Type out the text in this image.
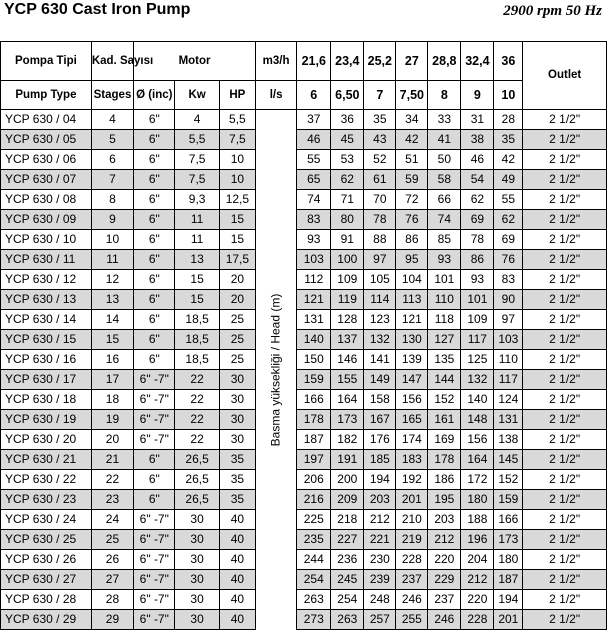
YCP 630 Cast Iron Pump	2900 rpm 50 Hz
Pompa Tipi	Kad. Sayısı	Motor			m3/h	21,6	23,4	25,2	27	28,8	32,4	36	Outlet
Pump Type	Stages	Ø (inc)	Kw	HP	l/s	6	6,50	7	7,50	8	9	10	
YCP 630 / 04	4	6"	4	5,5	Basma yüksekliği / Head (m)	37	36	35	34	33	31	28	2 1/2"
YCP 630 / 05	5	6"	5,5	7,5		46	45	43	42	41	38	35	2 1/2"
YCP 630 / 06	6	6"	7,5	10		55	53	52	51	50	46	42	2 1/2"
YCP 630 / 07	7	6"	7,5	10		65	62	61	59	58	54	49	2 1/2"
YCP 630 / 08	8	6"	9,3	12,5		74	71	70	72	66	62	55	2 1/2"
YCP 630 / 09	9	6"	11	15		83	80	78	76	74	69	62	2 1/2"
YCP 630 / 10	10	6"	11	15		93	91	88	86	85	78	69	2 1/2"
YCP 630 / 11	11	6"	13	17,5		103	100	97	95	93	86	76	2 1/2"
YCP 630 / 12	12	6"	15	20		112	109	105	104	101	93	83	2 1/2"
YCP 630 / 13	13	6"	15	20		121	119	114	113	110	101	90	2 1/2"
YCP 630 / 14	14	6"	18,5	25		131	128	123	121	118	109	97	2 1/2"
YCP 630 / 15	15	6"	18,5	25		140	137	132	130	127	117	103	2 1/2"
YCP 630 / 16	16	6"	18,5	25		150	146	141	139	135	125	110	2 1/2"
YCP 630 / 17	17	6" -7"	22	30		159	155	149	147	144	132	117	2 1/2"
YCP 630 / 18	18	6" -7"	22	30		166	164	158	156	152	140	124	2 1/2"
YCP 630 / 19	19	6" -7"	22	30		178	173	167	165	161	148	131	2 1/2"
YCP 630 / 20	20	6" -7"	22	30		187	182	176	174	169	156	138	2 1/2"
YCP 630 / 21	21	6"	26,5	35		197	191	185	183	178	164	145	2 1/2"
YCP 630 / 22	22	6"	26,5	35		206	200	194	192	186	172	152	2 1/2"
YCP 630 / 23	23	6"	26,5	35		216	209	203	201	195	180	159	2 1/2"
YCP 630 / 24	24	6" -7"	30	40		225	218	212	210	203	188	166	2 1/2"
YCP 630 / 25	25	6" -7"	30	40		235	227	221	219	212	196	173	2 1/2"
YCP 630 / 26	26	6" -7"	30	40		244	236	230	228	220	204	180	2 1/2"
YCP 630 / 27	27	6" -7"	30	40		254	245	239	237	229	212	187	2 1/2"
YCP 630 / 28	28	6" -7"	30	40		263	254	248	246	237	220	194	2 1/2"
YCP 630 / 29	29	6" -7"	30	40		273	263	257	255	246	228	201	2 1/2"
